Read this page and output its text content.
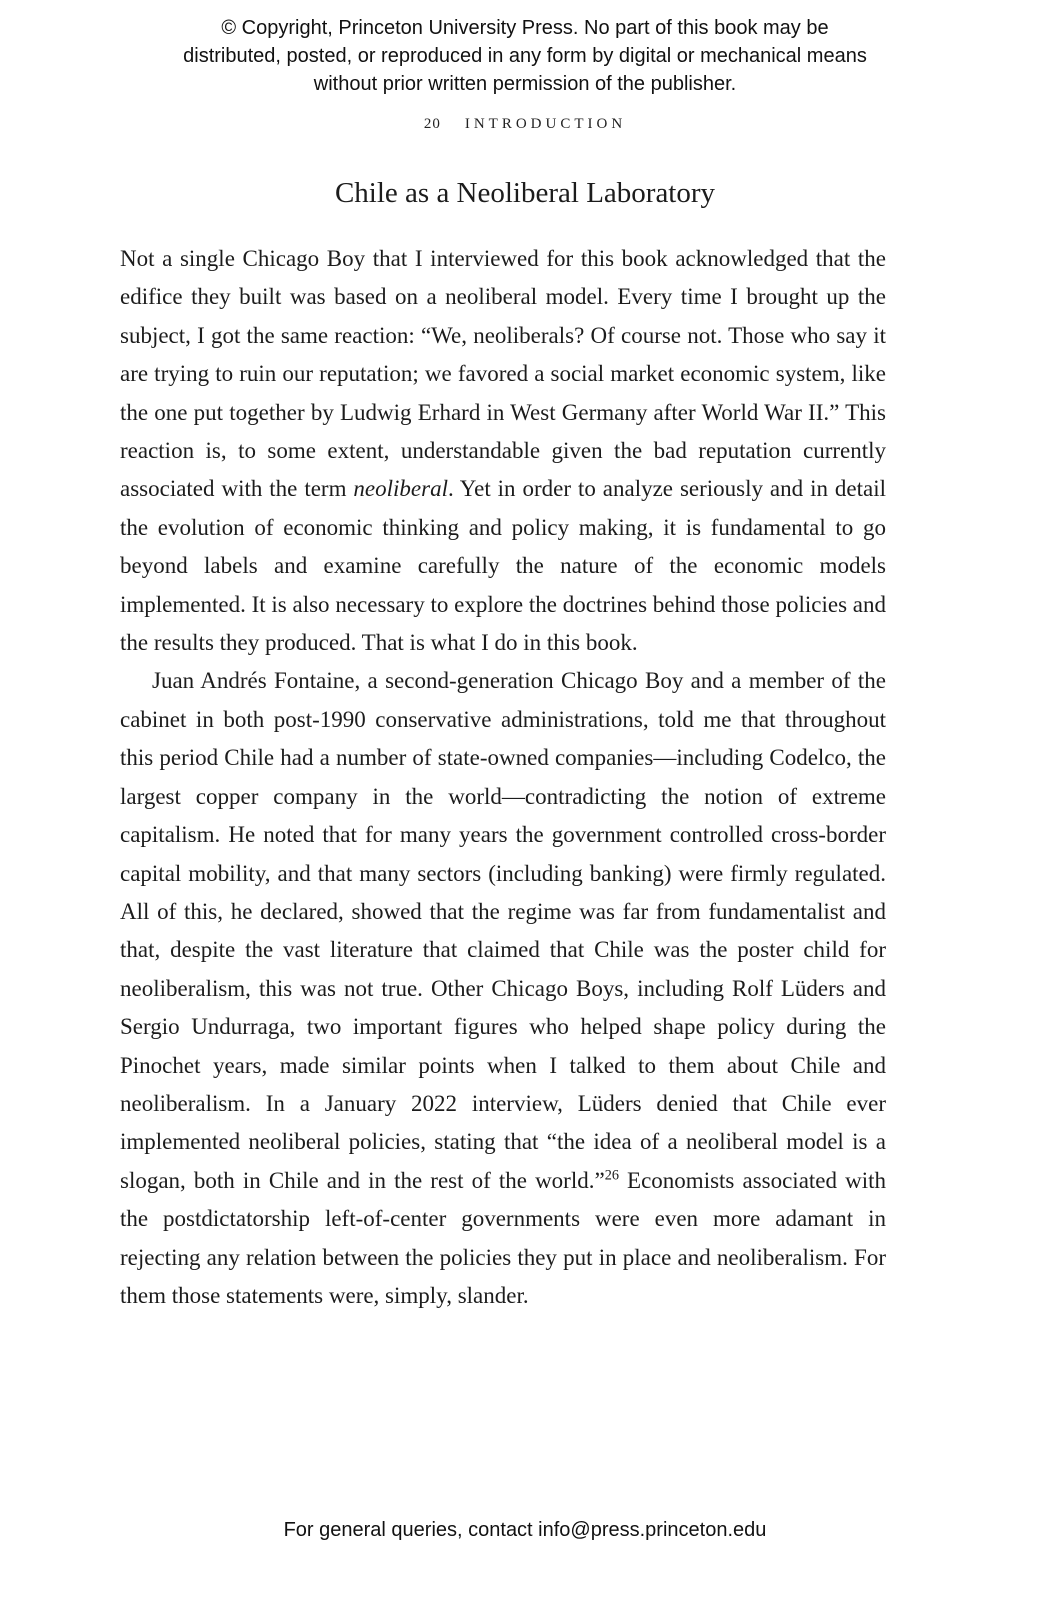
© Copyright, Princeton University Press. No part of this book may be distributed, posted, or reproduced in any form by digital or mechanical means without prior written permission of the publisher.
20 INTRODUCTION
Chile as a Neoliberal Laboratory

Not a single Chicago Boy that I interviewed for this book acknowledged that the edifice they built was based on a neoliberal model. Every time I brought up the subject, I got the same reaction: “We, neoliberals? Of course not. Those who say it are trying to ruin our reputation; we favored a social market economic system, like the one put together by Ludwig Erhard in West Germany after World War II.” This reaction is, to some extent, understandable given the bad reputation currently associated with the term neoliberal. Yet in order to analyze seriously and in detail the evolution of economic thinking and policy making, it is fundamental to go beyond labels and examine carefully the nature of the economic models implemented. It is also necessary to explore the doctrines behind those policies and the results they produced. That is what I do in this book.

Juan Andrés Fontaine, a second-generation Chicago Boy and a member of the cabinet in both post-1990 conservative administrations, told me that throughout this period Chile had a number of state-owned companies—including Codelco, the largest copper company in the world—contradicting the notion of extreme capitalism. He noted that for many years the government controlled cross-border capital mobility, and that many sectors (including banking) were firmly regulated. All of this, he declared, showed that the regime was far from fundamentalist and that, despite the vast literature that claimed that Chile was the poster child for neoliberalism, this was not true. Other Chicago Boys, including Rolf Lüders and Sergio Undurraga, two important figures who helped shape policy during the Pinochet years, made similar points when I talked to them about Chile and neoliberalism. In a January 2022 interview, Lüders denied that Chile ever implemented neoliberal policies, stating that “the idea of a neoliberal model is a slogan, both in Chile and in the rest of the world.”$^{26}$ Economists associated with the postdictatorship left-of-center governments were even more adamant in rejecting any relation between the policies they put in place and neoliberalism. For them those statements were, simply, slander.

For general queries, contact info@press.princeton.edu
